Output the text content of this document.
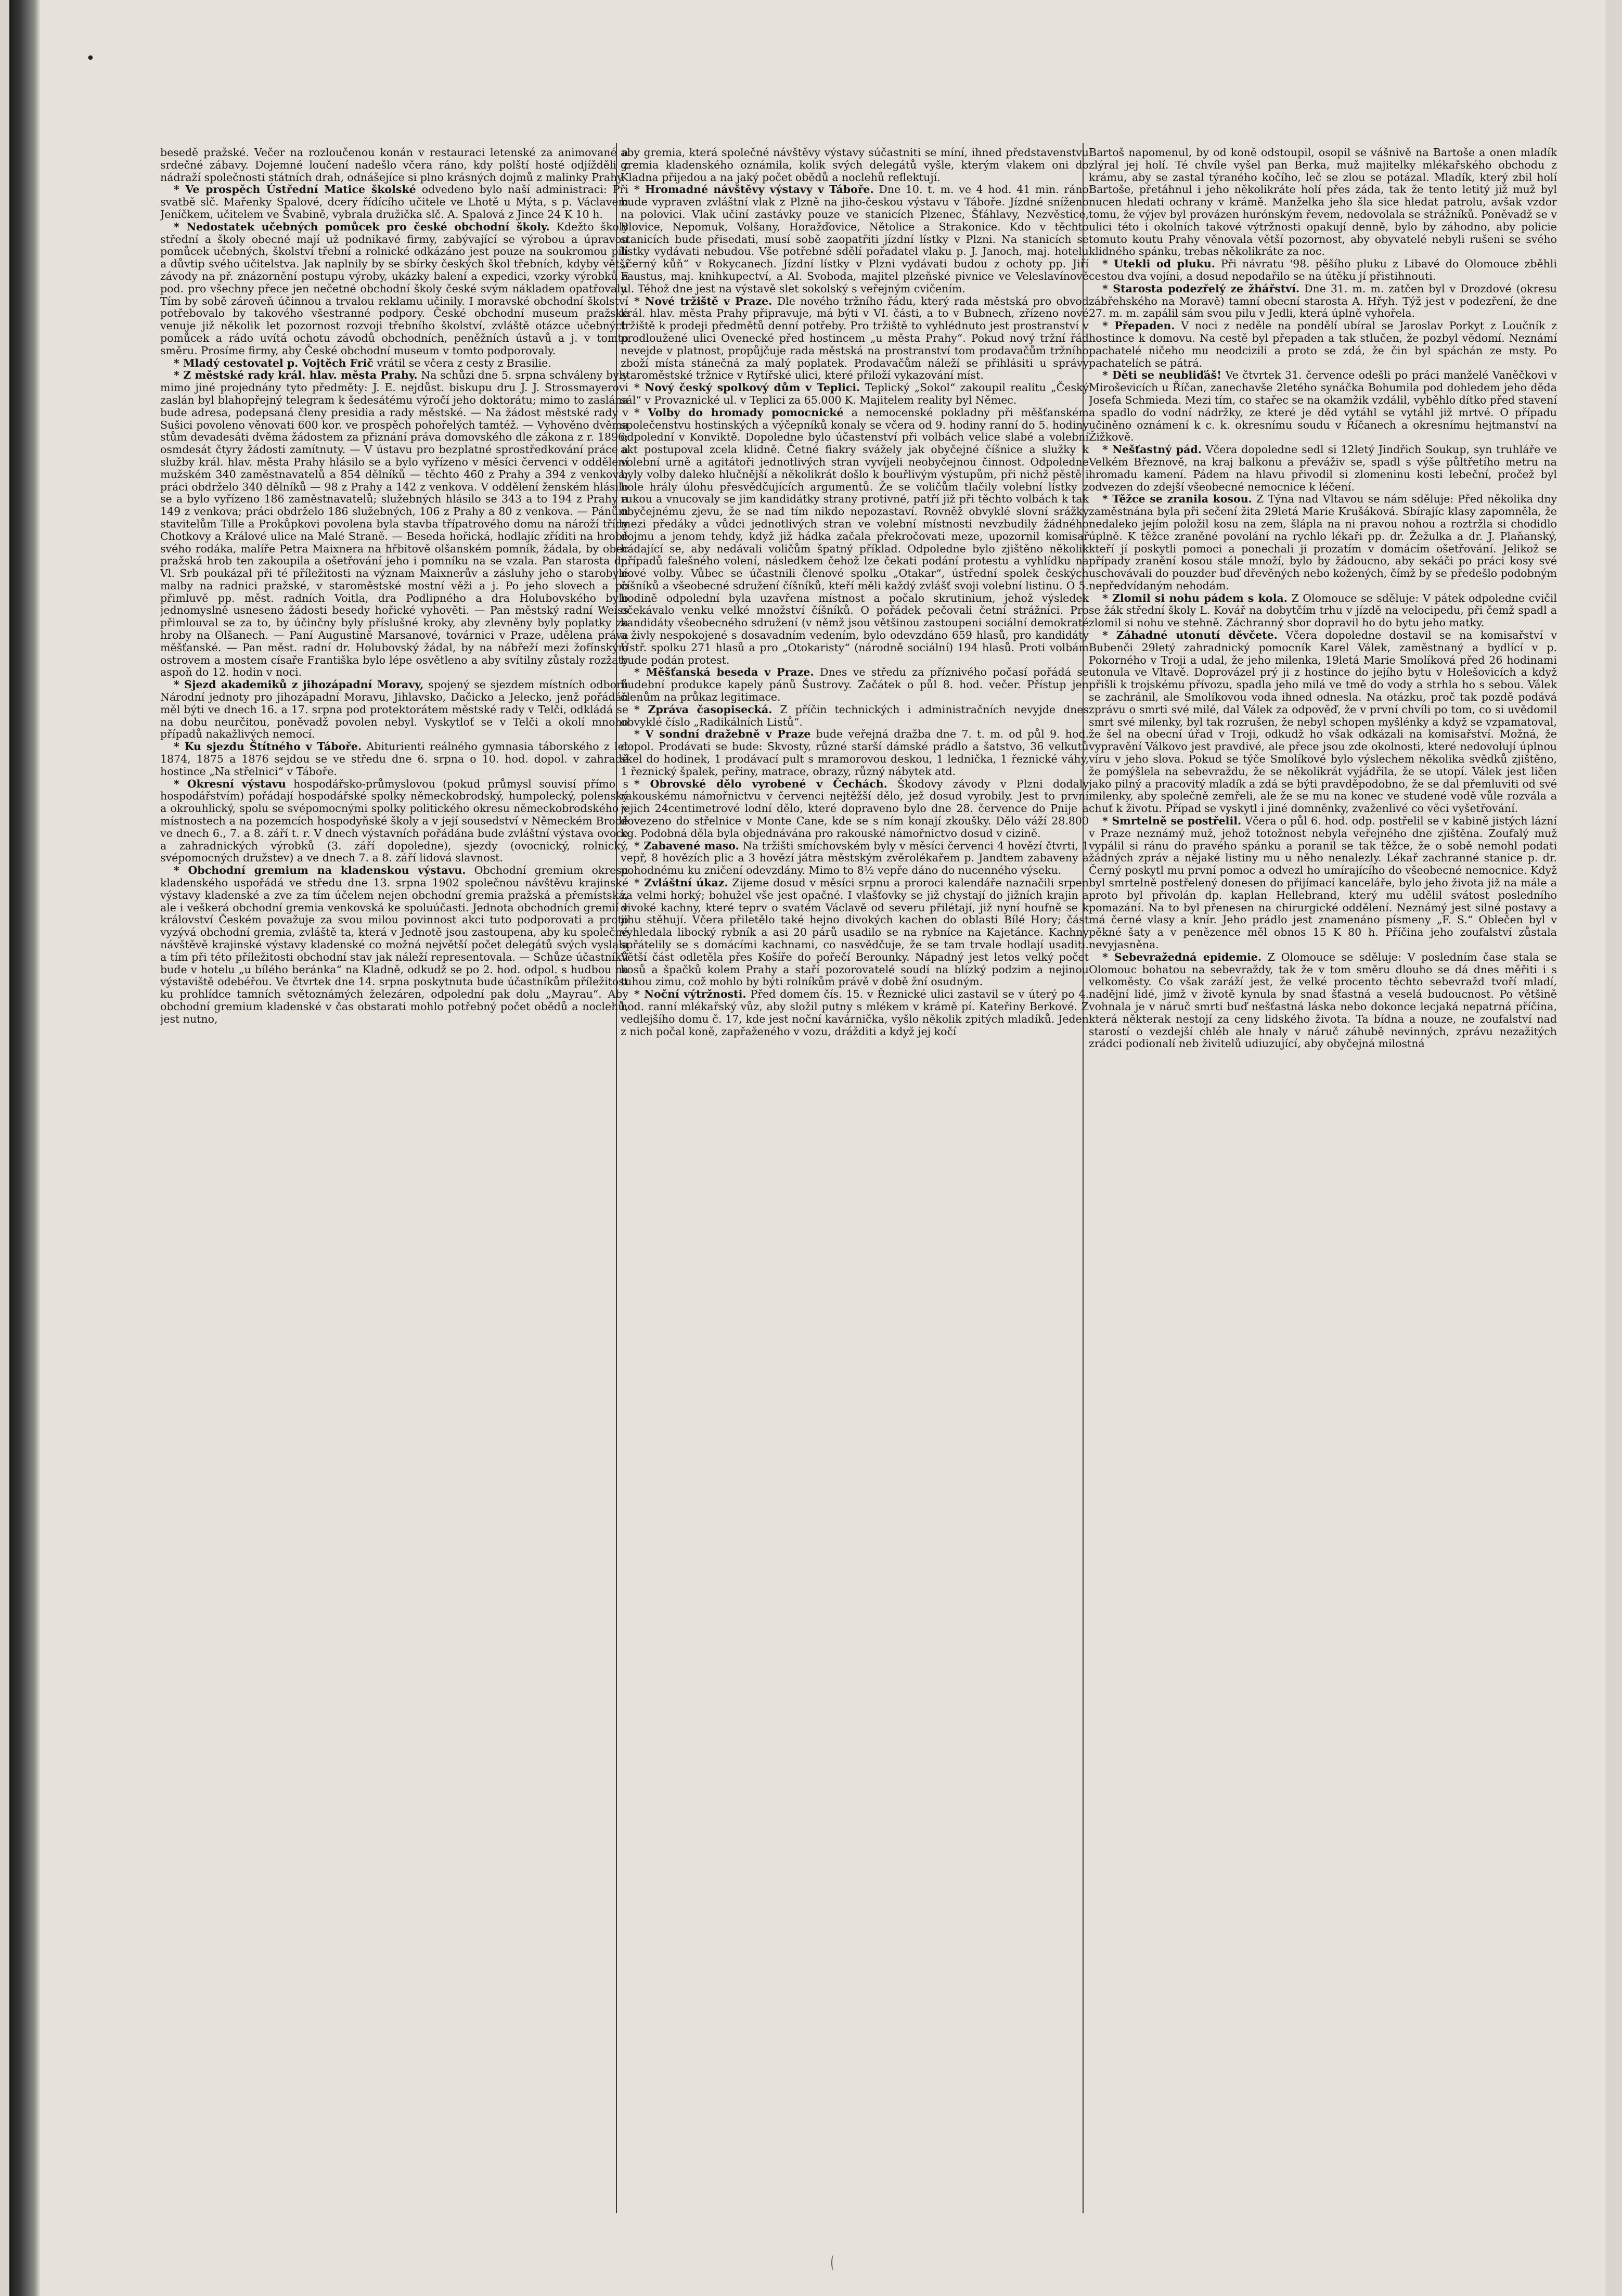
•

besedě pražské. Večer na rozloučenou konán v restauraci letenské za animované a srdečné zábavy. Dojemné loučení nadešlo včera ráno, kdy polští hosté odjížděli z nádraží společnosti státních drah, odnášejíce si plno krásných dojmů z malinky Prahy.

* Ve prospěch Ústřední Matice školské odvedeno bylo naší administraci: Při svatbě slč. Mařenky Spalové, dcery řídícího učitele ve Lhotě u Mýta, s p. Václavem Jeníčkem, učitelem ve Švabině, vybrala družička slč. A. Spalová z Jince 24 K 10 h.

* Nedostatek učebných pomůcek pro české obchodní školy. Kdežto školy střední a školy obecné mají už podnikavé firmy, zabývající se výrobou a úpravou pomůcek učebných, školství třební a rolnické odkázáno jest pouze na soukromou píli a důvtip svého učitelstva. Jak naplnily by se sbírky českých škol třebních, kdyby větší závody na př. znázornění postupu výroby, ukázky balení a expedici, vzorky výrobků a pod. pro všechny přece jen nečetné obchodní školy české svým nákladem opatřovaly. Tím by sobě zároveň účinnou a trvalou reklamu učinily. I moravské obchodní školství potřebovalo by takového všestranné podpory. České obchodní museum pražské venuje již několik let pozornost rozvoji třebního školství, zvláště otázce učebných pomůcek a rádo uvítá ochotu závodů obchodních, peněžních ústavů a j. v tomto směru. Prosíme firmy, aby České obchodní museum v tomto podporovaly.

* Mladý cestovatel p. Vojtěch Frič vrátil se včera z cesty z Brasilie.

* Z městské rady král. hlav. města Prahy. Na schůzi dne 5. srpna schváleny byly mimo jiné projednány tyto předměty: J. E. nejdůst. biskupu dru J. J. Strossmayerovi zaslán byl blahopřejný telegram k šedesátému výročí jeho doktorátu; mimo to zaslána bude adresa, podepsaná členy presidia a rady městské. — Na žádost městské rady v Sušici povoleno věnovati 600 kor. ve prospěch pohořelých tamtéž. — Vyhověno dvěma stům devadesáti dvěma žádostem za přiznání práva domovského dle zákona z r. 1896; osmdesát čtyry žádosti zamítnuty. — V ústavu pro bezplatné sprostředkování práce a služby král. hlav. města Prahy hlásilo se a bylo vyřízeno v měsíci červenci v oddělení mužském 340 zaměstnavatelů a 854 dělníků — těchto 460 z Prahy a 394 z venkova; práci obdrželo 340 dělníků — 98 z Prahy a 142 z venkova. V oddělení ženském hlásilo se a bylo vyřízeno 186 zaměstnavatelů; služebných hlásilo se 343 a to 194 z Prahy a 149 z venkova; práci obdrželo 186 služebných, 106 z Prahy a 80 z venkova. — Pánům stavitelům Tille a Prokůpkovi povolena byla stavba třípatrového domu na nároží třídy Chotkovy a Králové ulice na Malé Straně. — Beseda hořická, hodlajíc zříditi na hrobě svého rodáka, malíře Petra Maixnera na hřbitově olšanském pomník, žádala, by obec pražská hrob ten zakoupila a ošetřování jeho i pomníku na se vzala. Pan starosta dr. Vl. Srb poukázal při té příležitosti na význam Maixnerův a zásluhy jeho o starobylé malby na radnici pražské, v staroměstské mostní věži a j. Po jeho slovech a po přimluvě pp. měst. radních Voitla, dra Podlipného a dra Holubovského bylo jednomyslně usneseno žádosti besedy hořické vyhověti. — Pan městský radní Weiss přimlouval se za to, by účinčny byly příslušné kroky, aby zlevněny byly poplatky za hroby na Olšanech. — Paní Augustině Marsanové, továrnici v Praze, udělena práva měšťanské. — Pan měst. radní dr. Holubovský žádal, by na nábřeží mezi žofínským ostrovem a mostem císaře Františka bylo lépe osvětleno a aby svítilny zůstaly rozžaty aspoň do 12. hodin v noci.

* Sjezd akademiků z jihozápadní Moravy, spojený se sjezdem místních odborů Národní jednoty pro jihozápadní Moravu, Jihlavsko, Dačicko a Jelecko, jenž pořádán měl býti ve dnech 16. a 17. srpna pod protektorátem městské rady v Telči, odkládá se na dobu neurčitou, poněvadž povolen nebyl. Vyskytloť se v Telči a okolí mnoho případů nakažlivých nemocí.

* Ku sjezdu Štítného v Táboře. Abiturienti reálného gymnasia táborského z let 1874, 1875 a 1876 sejdou se ve středu dne 6. srpna o 10. hod. dopol. v zahradě hostince „Na střelnici“ v Táboře.

* Okresní výstavu hospodářsko-průmyslovou (pokud průmysl souvisí přímo s hospodářstvím) pořádají hospodářské spolky německobrodský, humpolecký, polenský a okrouhlický, spolu se svépomocnými spolky politického okresu německobrodského v místnostech a na pozemcích hospodyňské školy a v její sousedství v Německém Brodě ve dnech 6., 7. a 8. září t. r. V dnech výstavních pořádána bude zvláštní výstava ovoce a zahradnických výrobků (3. září dopoledne), sjezdy (ovocnický, rolnický, svépomocných družstev) a ve dnech 7. a 8. září lidová slavnost.

* Obchodní gremium na kladenskou výstavu. Obchodní gremium okresu kladenského uspořádá ve středu dne 13. srpna 1902 společnou návštěvu krajinské výstavy kladenské a zve za tím účelem nejen obchodní gremia pražská a přemístská, ale i veškerá obchodní gremia venkovská ke spoluúčasti. Jednota obchodních gremií v království Českém považuje za svou milou povinnost akci tuto podporovati a proto vyzývá obchodní gremia, zvláště ta, která v Jednotě jsou zastoupena, aby ku společné návštěvě krajinské výstavy kladenské co možná největší počet delegátů svých vyslala a tím při této příležitosti obchodní stav jak náleží representovala. — Schůze účastníků bude v hotelu „u bílého beránka“ na Kladně, odkudž se po 2. hod. odpol. s hudbou na výstaviště odebéřou. Ve čtvrtek dne 14. srpna poskytnuta bude účastníkům příležitost ku prohlídce tamních světoznámých železáren, odpolední pak dolu „Mayrau“. Aby obchodní gremium kladenské v čas obstarati mohlo potřebný počet obědů a noclehů, jest nutno,

aby gremia, která společné návštěvy výstavy súčastniti se míní, ihned představenstvu gremia kladenského oznámila, kolik svých delegátů vyšle, kterým vlakem oni do Kladna přijedou a na jaký počet obědů a noclehů reflektují.

* Hromadné návštěvy výstavy v Táboře. Dne 10. t. m. ve 4 hod. 41 min. ráno bude vypraven zvláštní vlak z Plzně na jiho-českou výstavu v Táboře. Jízdné sníženo na polovici. Vlak učiní zastávky pouze ve stanicích Plzenec, Šťáhlavy, Nezvěstice, Blovice, Nepomuk, Volšany, Horažďovice, Nětolice a Strakonice. Kdo v těchto stanicích bude přisedati, musí sobě zaopatřiti jízdní lístky v Plzni. Na stanicích se lístky vydávati nebudou. Vše potřebné sdělí pořadatel vlaku p. J. Janoch, maj. hotelu „černý kůň“ v Rokycanech. Jízdní lístky v Plzni vydávati budou z ochoty pp. Jiří Faustus, maj. knihkupectví, a Al. Svoboda, majitel plzeňské pivnice ve Veleslavínově ul. Téhož dne jest na výstavě slet sokolský s veřejným cvičením.

* Nové tržiště v Praze. Dle nového tržního řádu, který rada městská pro obvod král. hlav. města Prahy připravuje, má býti v VI. části, a to v Bubnech, zřízeno nové tržiště k prodeji předmětů denní potřeby. Pro tržiště to vyhlédnuto jest prostranství v prodloužené ulici Ovenecké před hostincem „u města Prahy“. Pokud nový tržní řád nevejde v platnost, propůjčuje rada městská na prostranství tom prodavačům tržního zboží místa stánečná za malý poplatek. Prodavačům náleží se přihlásiti u správy staroměstské tržnice v Rytířské ulici, které přiloží vykazování míst.

* Nový český spolkový dům v Teplici. Teplický „Sokol“ zakoupil realitu „Český sál“ v Provaznické ul. v Teplici za 65.000 K. Majitelem reality byl Němec.

* Volby do hromady pomocnické a nemocenské pokladny při měšťanském společenstvu hostinských a výčepníků konaly se včera od 9. hodiny ranní do 5. hodiny odpolední v Konviktě. Dopoledne bylo účastenství při volbách velice slabé a volební akt postupoval zcela klidně. Četné fiakry svážely jak obyčejné číšnice a služky k volební urně a agitátoři jednotlivých stran vyvíjeli neobyčejnou činnost. Odpoledne byly volby daleko hlučnější a několikrát došlo k bouřlivým výstupům, při nichž pěstě i hole hrály úlohu přesvědčujících argumentů. Že se voličům tlačily volební lístky z rukou a vnucovaly se jim kandidátky strany protivné, patří již při těchto volbách k tak obyčejnému zjevu, že se nad tím nikdo nepozastaví. Rovněž obvyklé slovní srážky mezi předáky a vůdci jednotlivých stran ve volební místnosti nevzbudily žádného dojmu a jenom tehdy, když již hádka začala překročovati meze, upozornil komisař hádající se, aby nedávali voličům špatný příklad. Odpoledne bylo zjištěno několik případů falešného volení, následkem čehož lze čekati podání protestu a vyhlídku na nové volby. Vůbec se účastnili členové spolku „Otakar“, ústřední spolek českých číšníků a všeobecné sdružení číšníků, kteří měli každý zvlášť svoji volební listinu. O 5. hodině odpolední byla uzavřena místnost a počalo skrutinium, jehož výsledek očekávalo venku velké množství číšníků. O pořádek pečovali četní strážníci. Pro kandidáty všeobecného sdružení (v němž jsou většinou zastoupeni sociální demokraté a živly nespokojené s dosavadním vedením, bylo odevzdáno 659 hlasů, pro kandidáty Ústř. spolku 271 hlasů a pro „Otokaristy“ (národně sociální) 194 hlasů. Proti volbám bude podán protest.

* Měšťanská beseda v Praze. Dnes ve středu za příznivého počasí pořádá se hudební produkce kapely pánů Šustrovy. Začátek o půl 8. hod. večer. Přístup jen členům na průkaz legitimace.

* Zpráva časopisecká. Z příčin technických i administračních nevyjde dnes obvyklé číslo „Radikálních Listů“.

* V sondní dražebně v Praze bude veřejná dražba dne 7. t. m. od půl 9. hod. dopol. Prodávati se bude: Skvosty, různé starší dámské prádlo a šatstvo, 36 velkutů skel do hodinek, 1 prodávací pult s mramorovou deskou, 1 lednička, 1 řeznické váhy, 1 řeznický špalek, peřiny, matrace, obrazy, různý nábytek atd.

* Obrovské dělo vyrobené v Čechách. Škodovy závody v Plzni dodaly rakouskému námořnictvu v červenci nejtěžší dělo, jež dosud vyrobily. Jest to první jejich 24centimetrové lodní dělo, které dopraveno bylo dne 28. července do Pnije a dovezeno do střelnice v Monte Cane, kde se s ním konají zkoušky. Dělo váží 28.800 kg. Podobná děla byla objednávána pro rakouské námořnictvo dosud v cizině.

* Zabavené maso. Na tržišti smíchovském byly v měsíci červenci 4 hovězí čtvrti, 1 vepř, 8 hovězích plic a 3 hovězí játra městským zvěrolékařem p. Jandtem zabaveny a pohodnému ku zničení odevzdány. Mimo to 8½ vepře dáno do nucenného výseku.

* Zvláštní úkaz. Zijeme dosud v měsíci srpnu a proroci kalendáře naznačili srpen za velmi horký; bohužel vše jest opačné. I vlašťovky se již chystají do jižních krajin a divoké kachny, které teprv o svatém Václavě od severu přilétají, již nyní houfně se k jihu stěhují. Včera přiletělo také hejno divokých kachen do oblasti Bílé Hory; část vyhledala libocký rybník a asi 20 párů usadilo se na rybníce na Kajetánce. Kachny spřátelily se s domácími kachnami, co nasvědčuje, že se tam trvale hodlají usaditi. Větší část odletěla přes Košíře do pořečí Berounky. Nápadný jest letos velký počet kosů a špačků kolem Prahy a staří pozorovatelé soudí na blízký podzim a nejinou tuhou zimu, což mohlo by býti rolníkům právě v době žní osudným.

* Noční výtržnosti. Před domem čís. 15. v Řeznické ulici zastavil se v úterý po 4. hod. ranní mlékařský vůz, aby složil putny s mlékem v krámě pí. Kateřiny Berkové. Z vedlejšího domu č. 17, kde jest noční kavárnička, vyšlo několik zpitých mladíků. Jeden z nich počal koně, zapřaženého v vozu, drážditi a když jej kočí

Bartoš napomenul, by od koně odstoupil, osopil se vášnivě na Bartoše a onen mladík zlýral jej holí. Té chvíle vyšel pan Berka, muž majitelky mlékařského obchodu z krámu, aby se zastal týraného kočího, leč se zlou se potázal. Mladík, který zbil holí Bartoše, přetáhnul i jeho několikráte holí přes záda, tak že tento letitý již muž byl nucen hledati ochrany v krámě. Manželka jeho šla sice hledat patrolu, avšak vzdor tomu, že výjev byl provázen hurónským řevem, nedovolala se strážníků. Poněvadž se v ulici této i okolních takové výtržnosti opakují denně, bylo by záhodno, aby policie tomuto koutu Prahy věnovala větší pozornost, aby obyvatelé nebyli rušeni se svého klidného spánku, trebas několikráte za noc.

* Utekli od pluku. Při návratu '98. pěšího pluku z Libavé do Olomouce zběhli cestou dva vojíni, a dosud nepodařilo se na útěku jí přistihnouti.

* Starosta podezřelý ze žhářství. Dne 31. m. m. zatčen byl v Drozdové (okresu zábřehského na Moravě) tamní obecní starosta A. Hřyh. Týž jest v podezření, že dne 27. m. m. zapálil sám svou pilu v Jedli, která úplně vyhořela.

* Přepaden. V noci z neděle na pondělí ubíral se Jaroslav Porkyt z Loučník z hostince k domovu. Na cestě byl přepaden a tak stlučen, že pozbyl vědomí. Neznámí pachatelé ničeho mu neodcizili a proto se zdá, že čin byl spáchán ze msty. Po pachatelích se pátrá.

* Děti se neubliďáš! Ve čtvrtek 31. července odešli po práci manželé Vaněčkovi v Miroševicích u Říčan, zanechavše 2letého synáčka Bohumila pod dohledem jeho děda Josefa Schmieda. Mezi tím, co stařec se na okamžik vzdálil, vyběhlo dítko před stavení a spadlo do vodní nádržky, ze které je děd vytáhl se vytáhl již mrtvé. O případu učiněno oznámení k c. k. okresnímu soudu v Říčanech a okresnímu hejtmanství na Žižkově.

* Nešťastný pád. Včera dopoledne sedl si 12letý Jindřich Soukup, syn truhláře ve Velkém Březnově, na kraj balkonu a převáživ se, spadl s výše půltřetího metru na hromadu kamení. Pádem na hlavu přivodil si zlomeninu kosti lebeční, pročež byl odvezen do zdejší všeobecné nemocnice k léčení.

* Těžce se zranila kosou. Z Týna nad Vltavou se nám sděluje: Před několika dny zaměstnána byla při sečení žita 29letá Marie Krušáková. Sbírajíc klasy zapomněla, že nedaleko jejím položil kosu na zem, šlápla na ni pravou nohou a roztržla si chodidlo úplně. K těžce zraněné povolání na rychlo lékaři pp. dr. Žežulka a dr. J. Plaňanský, kteří jí poskytli pomoci a ponechali ji prozatím v domácím ošetřování. Jelikož se případy zranění kosou stále množí, bylo by žádoucno, aby sekáči po práci kosy své uschovávali do pouzder buď dřevěných nebo kožených, čímž by se předešlo podobným nepředvídaným nehodám.

* Zlomil si nohu pádem s kola. Z Olomouce se sděluje: V pátek odpoledne cvičil se žák střední školy L. Kovář na dobytčím trhu v jízdě na velocipedu, při čemž spadl a zlomil si nohu ve stehně. Záchranný sbor dopravil ho do bytu jeho matky.

* Záhadné utonutí děvčete. Včera dopoledne dostavil se na komisařství v Bubenči 29letý zahradnický pomocník Karel Válek, zaměstnaný a bydlící v p. Pokorného v Troji a udal, že jeho milenka, 19letá Marie Smolíková před 26 hodinami utonula ve Vltavě. Doprovázel prý ji z hostince do jejího bytu v Holešovicích a když přišli k trojskému přívozu, spadla jeho milá ve tmě do vody a strhla ho s sebou. Válek se zachránil, ale Smolíkovou voda ihned odnesla. Na otázku, proč tak pozdě podává zprávu o smrti své milé, dal Válek za odpověď, že v první chvíli po tom, co si uvědomil smrt své milenky, byl tak rozrušen, že nebyl schopen myšlénky a když se vzpamatoval, že šel na obecní úřad v Troji, odkudž ho však odkázali na komisařství. Možná, že vypravění Válkovo jest pravdivé, ale přece jsou zde okolnosti, které nedovolují úplnou víru v jeho slova. Pokud se týče Smolíkové bylo výslechem několika svědků zjištěno, že pomýšlela na sebevraždu, že se několikrát vyjádřila, že se utopí. Válek jest ličen jako pilný a pracovitý mladík a zdá se býti pravděpodobno, že se dal přemluviti od své milenky, aby společně zemřeli, ale že se mu na konec ve studené vodě vůle rozvála a chuť k životu. Případ se vyskytl i jiné domněnky, zvaženlivé co věci vyšetřování.

* Smrtelně se postřelil. Včera o půl 6. hod. odp. postřelil se v kabině jistých lázní v Praze neznámý muž, jehož totožnost nebyla veřejného dne zjištěna. Zoufalý muž vypálil si ránu do pravého spánku a poranil se tak těžce, že o sobě nemohl podati žádných zpráv a nějaké listiny mu u něho nenalezly. Lékař zachranné stanice p. dr. Černý poskytl mu první pomoc a odvezl ho umírajícího do všeobecné nemocnice. Když byl smrtelně postřelený donesen do přijímací kanceláře, bylo jeho života již na mále a proto byl přivolán dp. kaplan Hellebrand, který mu udělil svátost posledního pomazání. Na to byl přenesen na chirurgické oddělení. Neznámý jest silné postavy a má černé vlasy a knír. Jeho prádlo jest znamenáno písmeny „F. S.“ Oblečen byl v pěkné šaty a v penězence měl obnos 15 K 80 h. Příčina jeho zoufalství zůstala nevyjasněna.

* Sebevražedná epidemie. Z Olomouce se sděluje: V posledním čase stala se Olomouc bohatou na sebevraždy, tak že v tom směru dlouho se dá dnes měřiti i s velkoměsty. Co však zaráží jest, že velké procento těchto sebevražd tvoří mladí, nadějní lidé, jimž v životě kynula by snad šťastná a veselá budoucnost. Po většině vohnala je v náruč smrti buď nešťastná láska nebo dokonce lecjaká nepatrná příčina, která některak nestojí za ceny lidského života. Ta bídna a nouze, ne zoufalství nad starostí o vezdejší chléb ale hnaly v náruč záhubě nevinných, zprávu nezažitých zrádci podionalí neb živitelů udiuzující, aby obyčejná milostná
